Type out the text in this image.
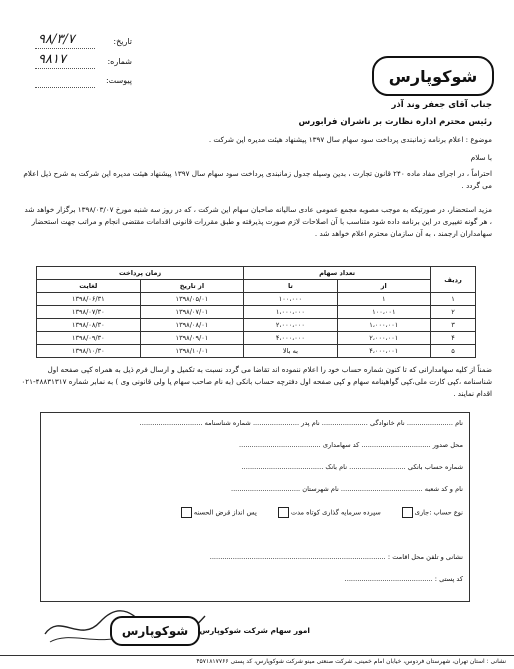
تاریخ:
۹۸/۳/۷
شماره:
۹۸۱۷
پیوست:	شوکوپارس
جناب آقای جعفر وند آذر
رئیس محترم اداره نظارت بر ناشران فرابورس
موضوع : اعلام برنامه زمانبندی پرداخت سود سهام سال ۱۳۹۷ پیشنهاد هیئت مدیره این شرکت .
با سلام
احتراماً ، در اجرای مفاد ماده ۲۴۰ قانون تجارت ، بدین وسیله جدول زمانبندی پرداخت سود سهام سال ۱۳۹۷ پیشنهاد هیئت مدیره این شرکت به شرح ذیل اعلام می گردد .
مزید استحضار، در صورتیکه به موجب مصوبه مجمع عمومی عادی سالیانه صاحبان سهام این شرکت ، که در روز سه شنبه مورخ ۱۳۹۸/۰۳/۰۷ برگزار خواهد شد ، هر گونه تغییری در این برنامه داده شود متناسب با آن اصلاحات لازم صورت پذیرفته و طبق مقررات قانونی اقدامات مقتضی انجام و مراتب جهت استحضار سهامداران ارجمند ، به آن سازمان محترم اعلام خواهد شد .
ردیف	تعداد سهام		زمان پرداخت	
	از	تا	از تاریخ	لغایت
۱	۱	۱۰۰،۰۰۰	۱۳۹۸/۰۵/۰۱	۱۳۹۸/۰۶/۳۱
۲	۱۰۰،۰۰۱	۱،۰۰۰،۰۰۰	۱۳۹۸/۰۷/۰۱	۱۳۹۸/۰۷/۳۰
۳	۱،۰۰۰،۰۰۱	۲،۰۰۰،۰۰۰	۱۳۹۸/۰۸/۰۱	۱۳۹۸/۰۸/۳۰
۴	۲،۰۰۰،۰۰۱	۴،۰۰۰،۰۰۰	۱۳۹۸/۰۹/۰۱	۱۳۹۸/۰۹/۳۰
۵	۴،۰۰۰،۰۰۱	به بالا	۱۳۹۸/۱۰/۰۱	۱۳۹۸/۱۰/۳۰
ضمناً از کلیه سهامدارانی که تا کنون شماره حساب خود را اعلام ننموده اند تقاضا می گردد نسبت به تکمیل و ارسال فرم ذیل به همراه کپی صفحه اول شناسنامه ،کپی کارت ملی،کپی گواهینامه سهام و کپی صفحه اول دفترچه حساب بانکی (به نام صاحب سهام یا ولی قانونی وی ) به نمابر شماره ۴۸۸۳۱۳۱۷-۰۲۱ اقدام نمایند .
نام ...................... نام خانوادگی ...................... نام پدر ...................... شماره شناسنامه ..............................
محل صدور ................................. کد سهامداری .......................................
شماره حساب بانکی ........................... نام بانک .......................................
نام و کد شعبه ....................................... نام شهرستان .................................
نوع حساب :جاری           سپرده سرمایه گذاری کوتاه مدت           پس انداز قرض الحسنه
نشانی و تلفن محل اقامت : ....................................................................................
کد پستی : ..........................................
شوکوپارس	امور سهام شرکت شوکوپارس
نشانی : استان تهران، شهرستان فردوس، خیابان امام خمینی، شرکت صنعتی مینو شرکت شوکوپارس، کد پستی ۴۵۷۱۸۱۷۷۶۶
